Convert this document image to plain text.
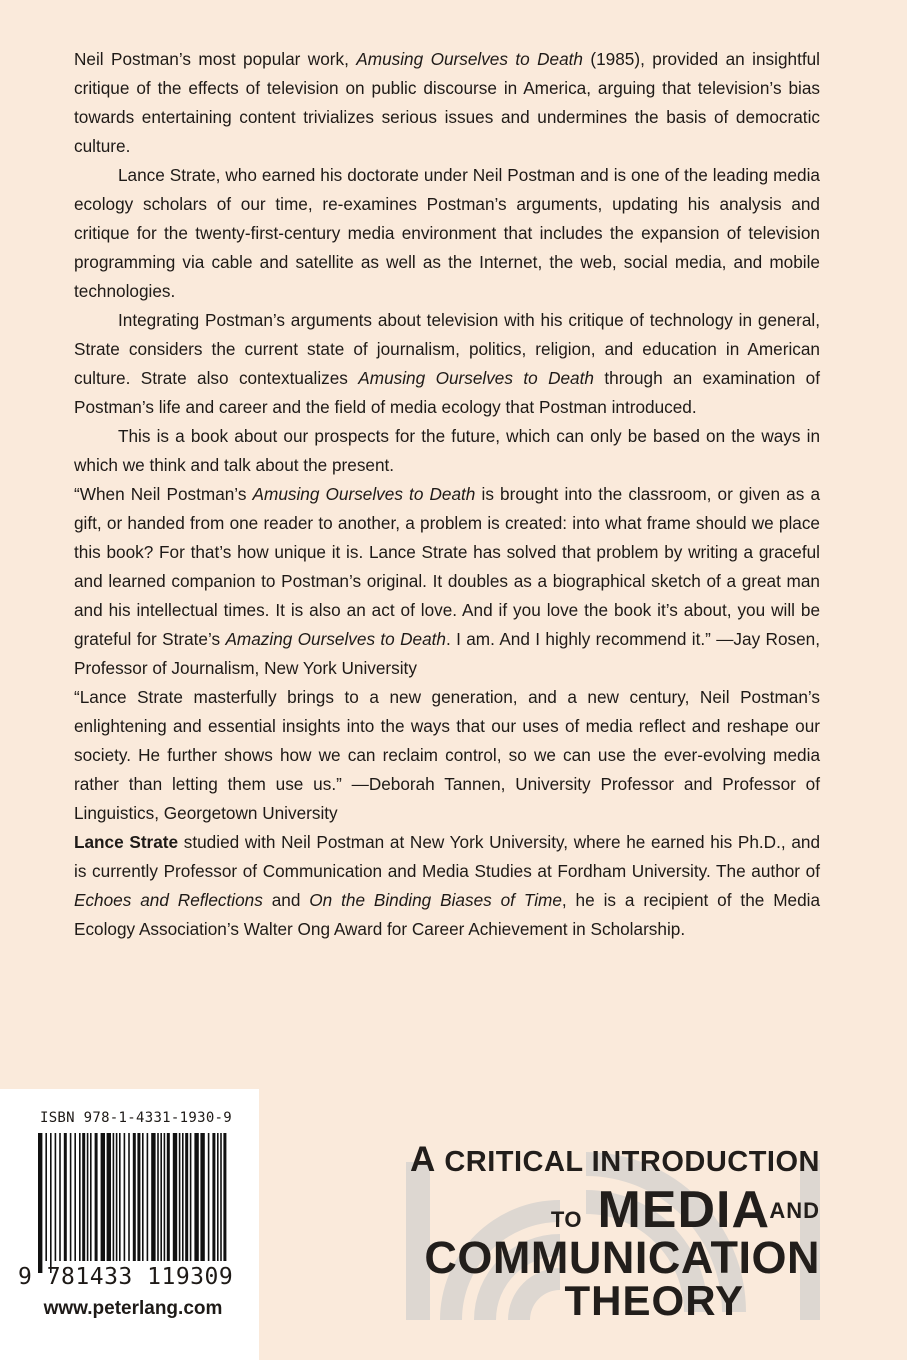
Neil Postman’s most popular work, Amusing Ourselves to Death (1985), provided an insightful critique of the effects of television on public discourse in America, arguing that television’s bias towards entertaining content trivializes serious issues and undermines the basis of democratic culture.

Lance Strate, who earned his doctorate under Neil Postman and is one of the leading media ecology scholars of our time, re-examines Postman’s arguments, updating his analysis and critique for the twenty-first-century media environment that includes the expansion of television programming via cable and satellite as well as the Internet, the web, social media, and mobile technologies.

Integrating Postman’s arguments about television with his critique of technology in general, Strate considers the current state of journalism, politics, religion, and education in American culture. Strate also contextualizes Amusing Ourselves to Death through an examination of Postman’s life and career and the field of media ecology that Postman introduced.

This is a book about our prospects for the future, which can only be based on the ways in which we think and talk about the present.

“When Neil Postman’s Amusing Ourselves to Death is brought into the classroom, or given as a gift, or handed from one reader to another, a problem is created: into what frame should we place this book? For that’s how unique it is. Lance Strate has solved that problem by writing a graceful and learned companion to Postman’s original. It doubles as a biographical sketch of a great man and his intellectual times. It is also an act of love. And if you love the book it’s about, you will be grateful for Strate’s Amazing Ourselves to Death. I am. And I highly recommend it.” —Jay Rosen, Professor of Journalism, New York University

“Lance Strate masterfully brings to a new generation, and a new century, Neil Postman’s enlightening and essential insights into the ways that our uses of media reflect and reshape our society. He further shows how we can reclaim control, so we can use the ever-evolving media rather than letting them use us.” —Deborah Tannen, University Professor and Professor of Linguistics, Georgetown University

Lance Strate studied with Neil Postman at New York University, where he earned his Ph.D., and is currently Professor of Communication and Media Studies at Fordham University. The author of Echoes and Reflections and On the Binding Biases of Time, he is a recipient of the Media Ecology Association’s Walter Ong Award for Career Achievement in Scholarship.

ISBN 978-1-4331-1930-9
9 781433 119309
www.peterlang.com
A CRITICAL INTRODUCTION
TO MEDIA AND
COMMUNICATION
THEORY
